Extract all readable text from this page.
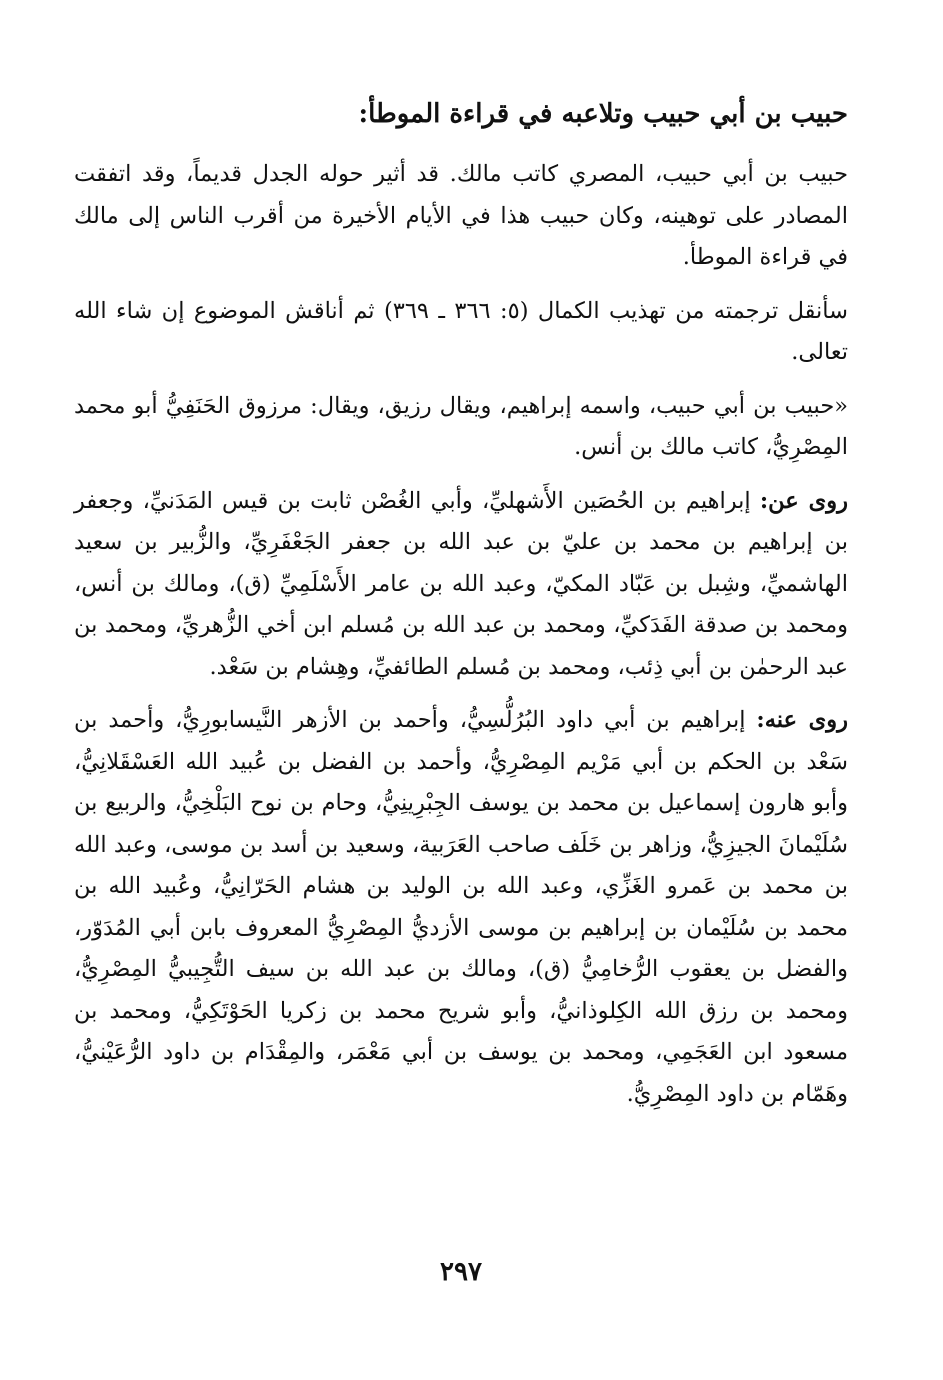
حبيب بن أبي حبيب وتلاعبه في قراءة الموطأ:

حبيب بن أبي حبيب، المصري كاتب مالك. قد أثير حوله الجدل قديماً، وقد اتفقت المصادر على توهينه، وكان حبيب هذا في الأيام الأخيرة من أقرب الناس إلى مالك في قراءة الموطأ.

سأنقل ترجمته من تهذيب الكمال (٥: ٣٦٦ ـ ٣٦٩) ثم أناقش الموضوع إن شاء الله تعالى.

«حبيب بن أبي حبيب، واسمه إبراهيم، ويقال رزيق، ويقال: مرزوق الحَنَفِيُّ أبو محمد المِصْرِيُّ، كاتب مالك بن أنس.

روى عن: إبراهيم بن الحُصَين الأَشهليِّ، وأبي الغُصْن ثابت بن قيس المَدَنيِّ، وجعفر بن إبراهيم بن محمد بن عليّ بن عبد الله بن جعفر الجَعْفَرِيِّ، والزُّبير بن سعيد الهاشميِّ، وشِبل بن عَبّاد المكيّ، وعبد الله بن عامر الأَسْلَمِيِّ (ق)، ومالك بن أنس، ومحمد بن صدقة الفَدَكيِّ، ومحمد بن عبد الله بن مُسلم ابن أخي الزُّهريِّ، ومحمد بن عبد الرحمٰن بن أبي ذِئب، ومحمد بن مُسلم الطائفيِّ، وهِشام بن سَعْد.

روى عنه: إبراهيم بن أبي داود البُرُلُّسِيُّ، وأحمد بن الأزهر النَّيسابورِيُّ، وأحمد بن سَعْد بن الحكم بن أبي مَرْيم المِصْرِيُّ، وأحمد بن الفضل بن عُبيد الله العَسْقَلانِيُّ، وأبو هارون إسماعيل بن محمد بن يوسف الجِبْرِينِيُّ، وحام بن نوح البَلْخِيُّ، والربيع بن سُلَيْمانَ الجيزِيُّ، وزاهر بن خَلَف صاحب العَرَبية، وسعيد بن أسد بن موسى، وعبد الله بن محمد بن عَمرو الغَزِّي، وعبد الله بن الوليد بن هشام الحَرّانِيُّ، وعُبيد الله بن محمد بن سُلَيْمان بن إبراهيم بن موسى الأزديُّ المِصْرِيُّ المعروف بابن أبي المُدَوّر، والفضل بن يعقوب الرُّخامِيُّ (ق)، ومالك بن عبد الله بن سيف التُّجِيبيُّ المِصْرِيُّ، ومحمد بن رزق الله الكِلوذانيُّ، وأبو شريح محمد بن زكريا الحَوْتَكِيُّ، ومحمد بن مسعود ابن العَجَمِي، ومحمد بن يوسف بن أبي مَعْمَر، والمِقْدَام بن داود الرُّعَيْنيُّ، وهَمّام بن داود المِصْرِيُّ.

٢٩٧
